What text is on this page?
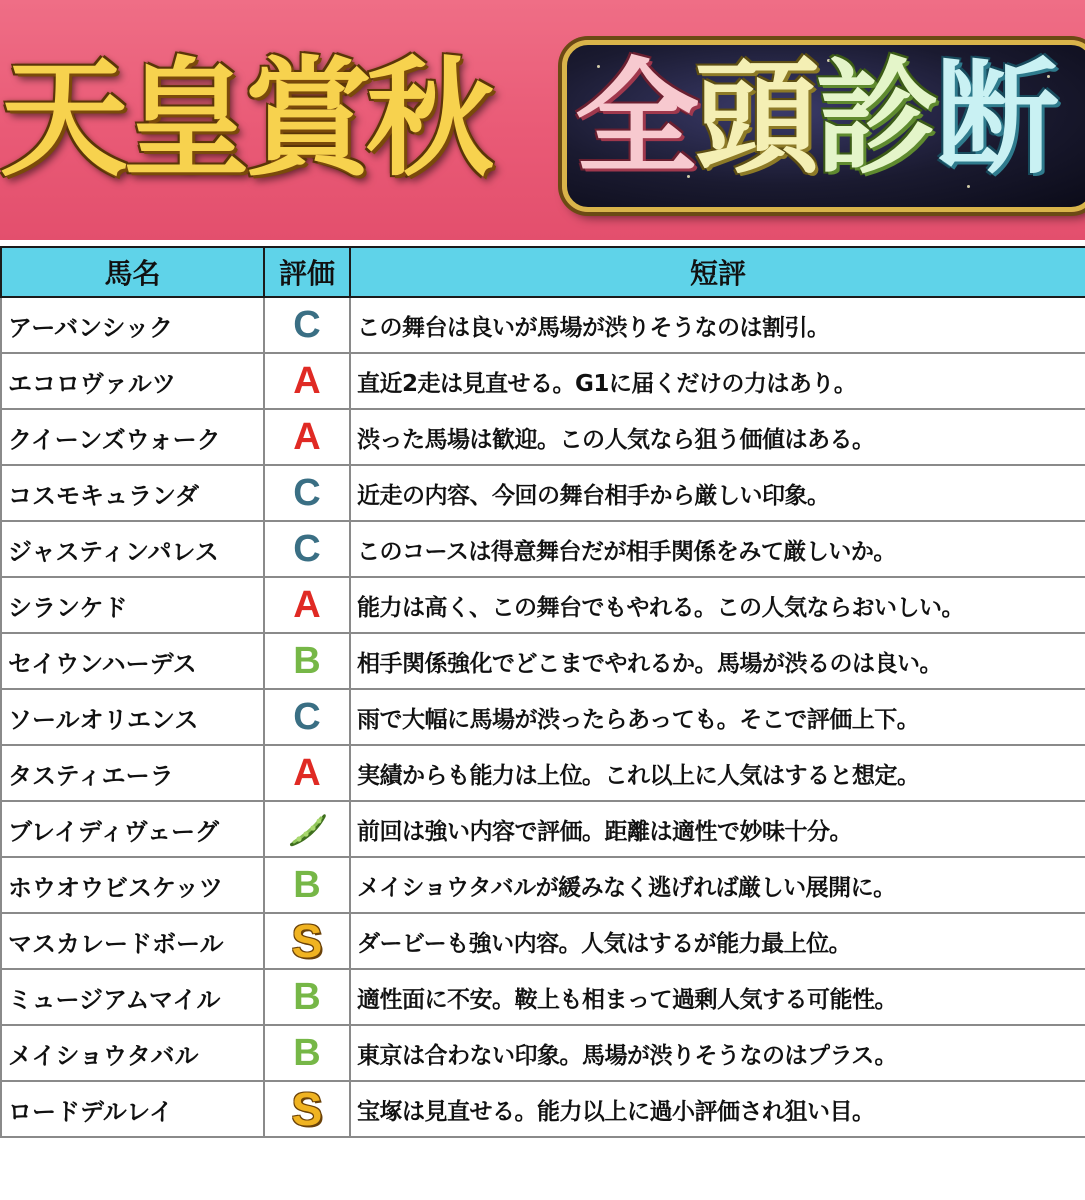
天皇賞秋 全頭診断
馬名	評価	短評
アーバンシック	C	この舞台は良いが馬場が渋りそうなのは割引。
エコロヴァルツ	A	直近2走は見直せる。G1に届くだけの力はあり。
クイーンズウォーク	A	渋った馬場は歓迎。この人気なら狙う価値はある。
コスモキュランダ	C	近走の内容、今回の舞台相手から厳しい印象。
ジャスティンパレス	C	このコースは得意舞台だが相手関係をみて厳しいか。
シランケド	A	能力は高く、この舞台でもやれる。この人気ならおいしい。
セイウンハーデス	B	相手関係強化でどこまでやれるか。馬場が渋るのは良い。
ソールオリエンス	C	雨で大幅に馬場が渋ったらあっても。そこで評価上下。
タスティエーラ	A	実績からも能力は上位。これ以上に人気はすると想定。
ブレイディヴェーグ		前回は強い内容で評価。距離は適性で妙味十分。
ホウオウビスケッツ	B	メイショウタバルが緩みなく逃げれば厳しい展開に。
マスカレードボール	S	ダービーも強い内容。人気はするが能力最上位。
ミュージアムマイル	B	適性面に不安。鞍上も相まって過剰人気する可能性。
メイショウタバル	B	東京は合わない印象。馬場が渋りそうなのはプラス。
ロードデルレイ	S	宝塚は見直せる。能力以上に過小評価され狙い目。
